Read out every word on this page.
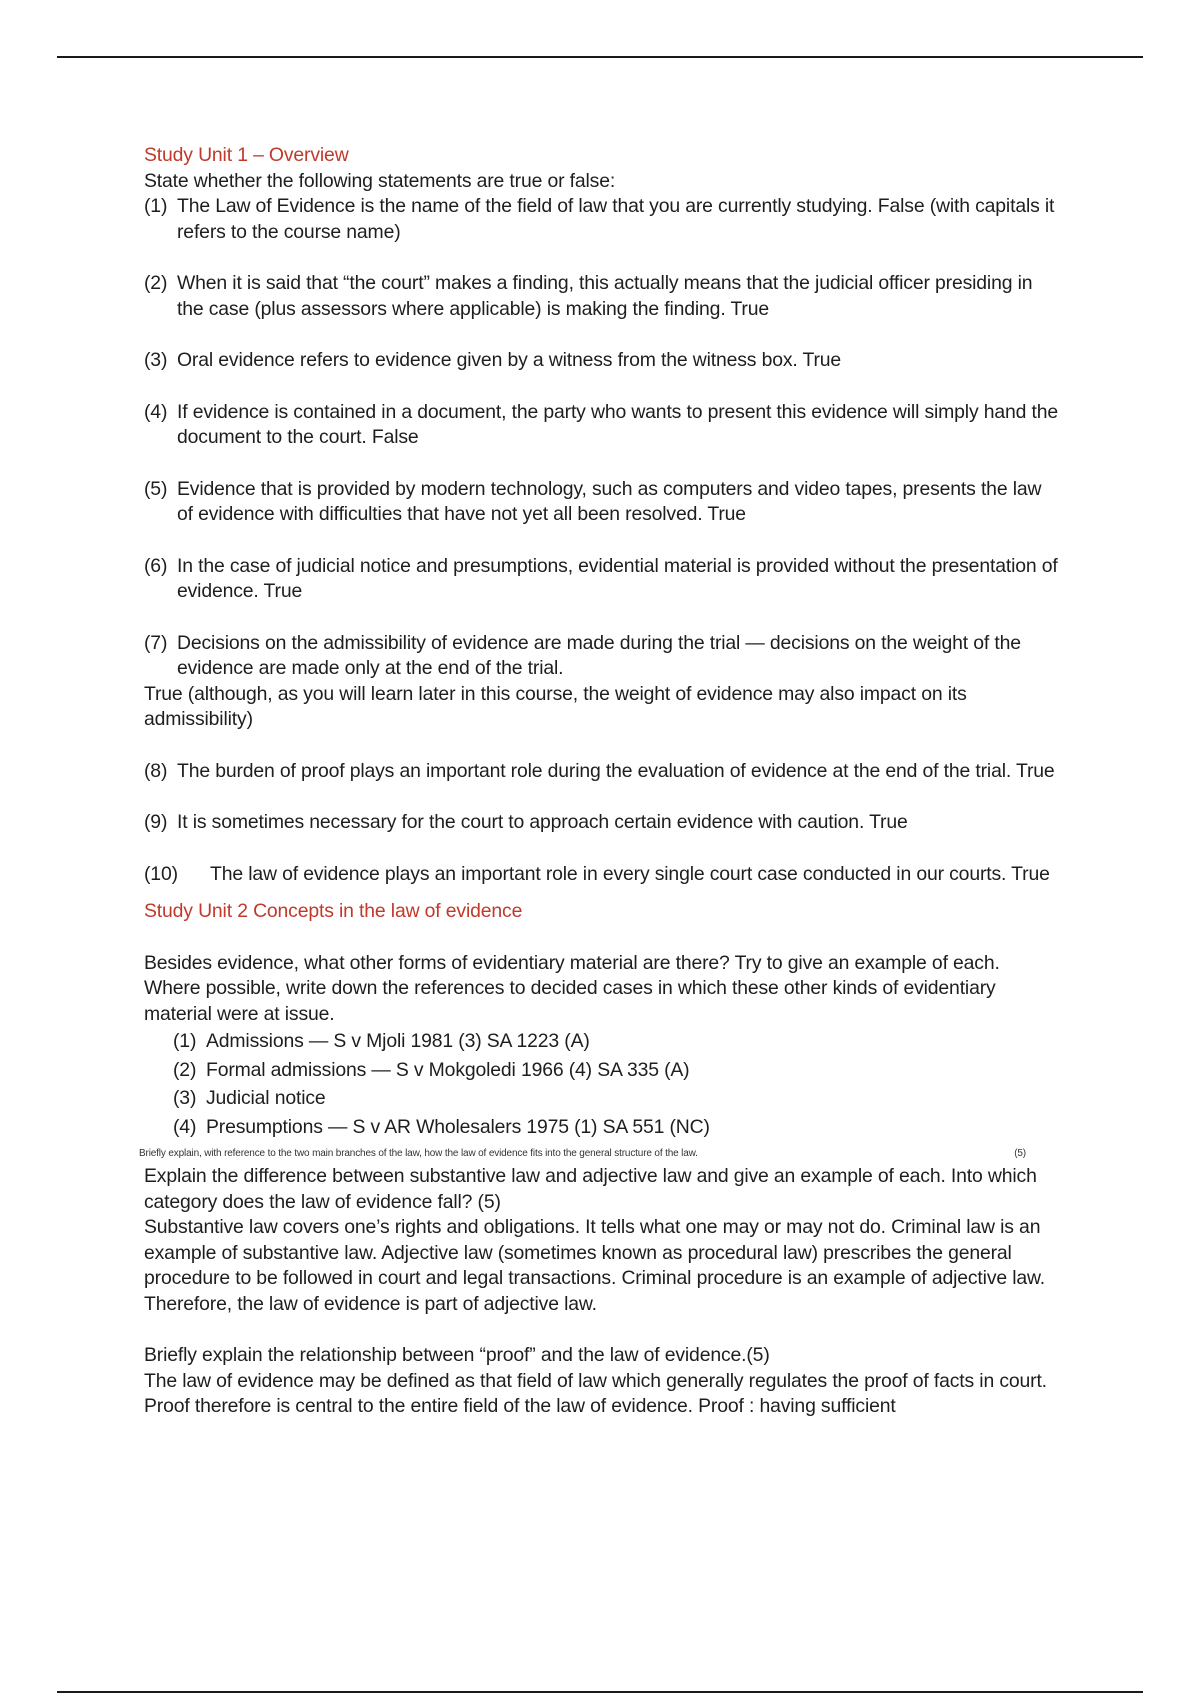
Study Unit 1 – Overview

State whether the following statements are true or false:

(1) The Law of Evidence is the name of the field of law that you are currently studying. False (with capitals it refers to the course name)
(2) When it is said that “the court” makes a finding, this actually means that the judicial officer presiding in the case (plus assessors where applicable) is making the finding. True
(3) Oral evidence refers to evidence given by a witness from the witness box. True
(4) If evidence is contained in a document, the party who wants to present this evidence will simply hand the document to the court. False
(5) Evidence that is provided by modern technology, such as computers and video tapes, presents the law of evidence with difficulties that have not yet all been resolved. True
(6) In the case of judicial notice and presumptions, evidential material is provided without the presentation of evidence. True
(7) Decisions on the admissibility of evidence are made during the trial — decisions on the weight of the evidence are made only at the end of the trial.

True (although, as you will learn later in this course, the weight of evidence may also impact on its admissibility)

(8) The burden of proof plays an important role during the evaluation of evidence at the end of the trial. True
(9) It is sometimes necessary for the court to approach certain evidence with caution. True
(10) The law of evidence plays an important role in every single court case conducted in our courts. True

Study Unit 2 Concepts in the law of evidence

Besides evidence, what other forms of evidentiary material are there? Try to give an example of each. Where possible, write down the references to decided cases in which these other kinds of evidentiary material were at issue.

(1) Admissions — S v Mjoli 1981 (3) SA 1223 (A)
(2) Formal admissions — S v Mokgoledi 1966 (4) SA 335 (A)
(3) Judicial notice
(4) Presumptions — S v AR Wholesalers 1975 (1) SA 551 (NC)
Briefly explain, with reference to the two main branches of the law, how the law of evidence fits into the general structure of the law.	(5)

Explain the difference between substantive law and adjective law and give an example of each. Into which category does the law of evidence fall? (5)

Substantive law covers one’s rights and obligations. It tells what one may or may not do. Criminal law is an example of substantive law. Adjective law (sometimes known as procedural law) prescribes the general procedure to be followed in court and legal transactions. Criminal procedure is an example of adjective law. Therefore, the law of evidence is part of adjective law.

Briefly explain the relationship between “proof” and the law of evidence.(5)

The law of evidence may be defined as that field of law which generally regulates the proof of facts in court. Proof therefore is central to the entire field of the law of evidence. Proof : having sufficient
